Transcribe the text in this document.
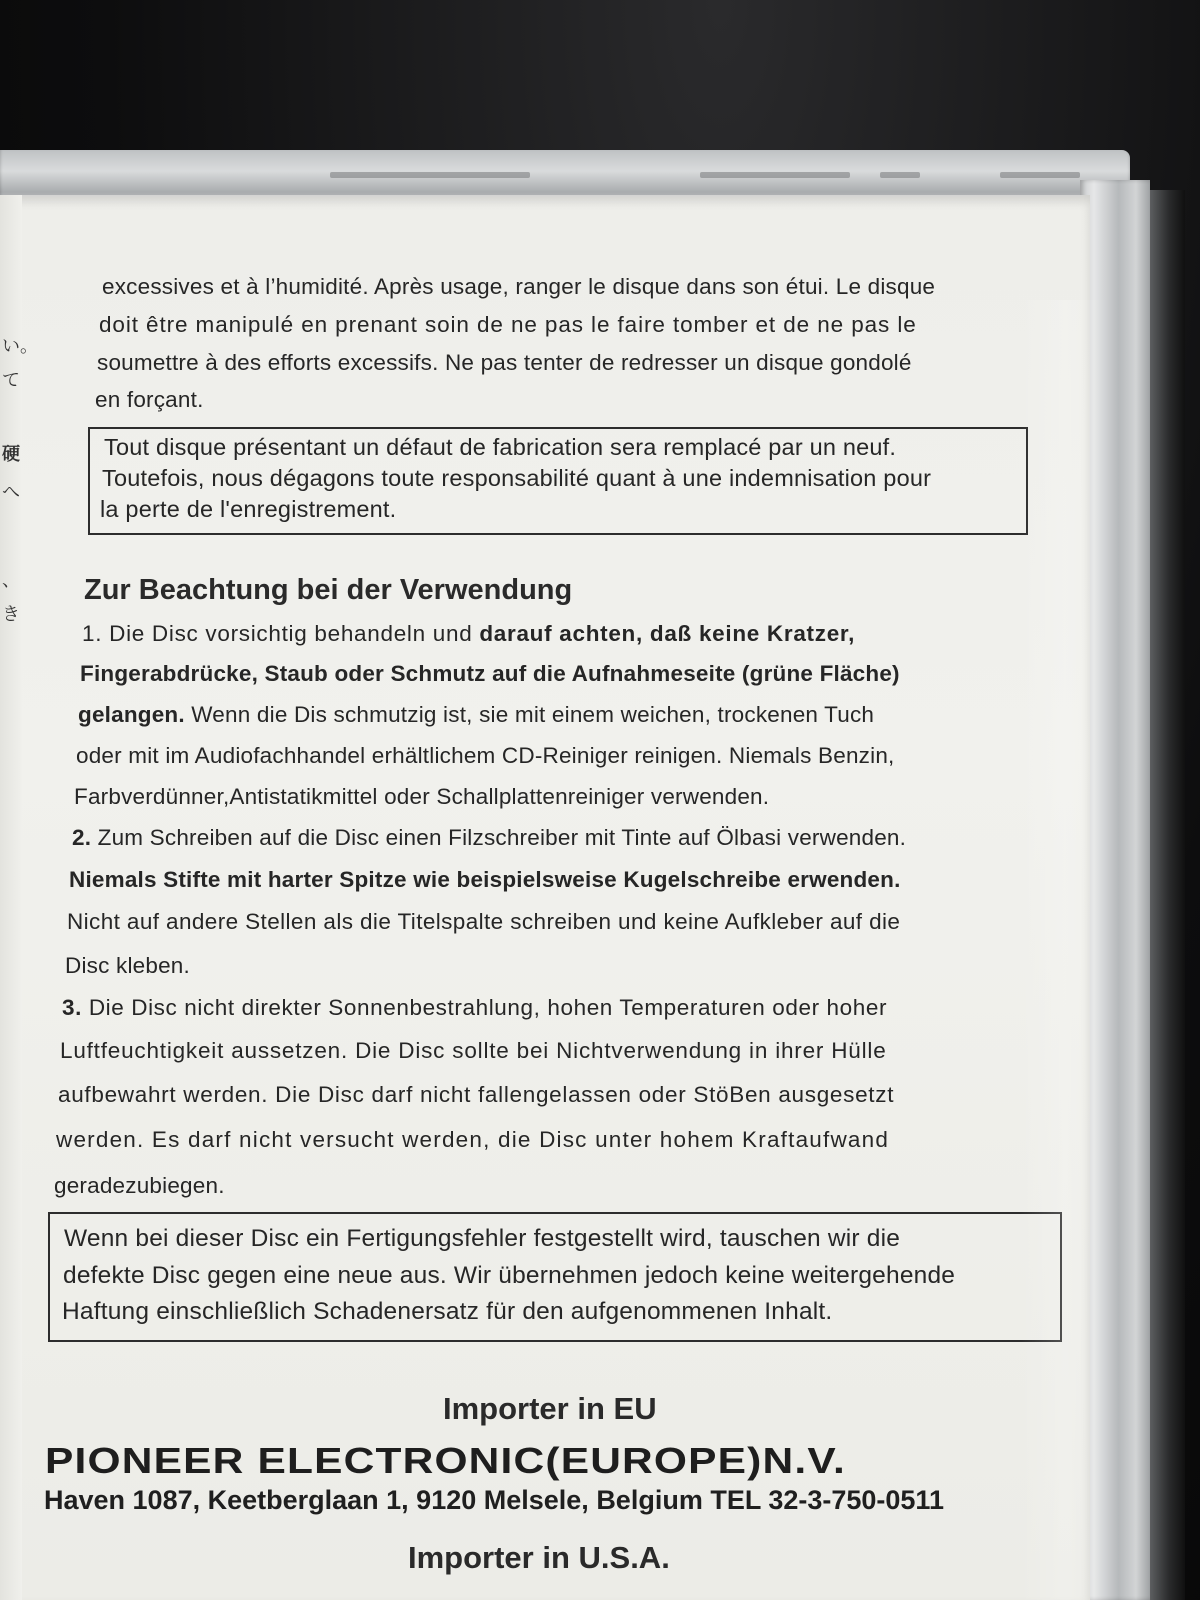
い。
て
硬
へ
、
き
excessives et à l’humidité. Après usage, ranger le disque dans son étui. Le disque
doit être manipulé en prenant soin de ne pas le faire tomber et de ne pas le
soumettre à des efforts excessifs. Ne pas tenter de redresser un disque gondolé
en forçant.
Tout disque présentant un défaut de fabrication sera remplacé par un neuf.
Toutefois, nous dégagons toute responsabilité quant à une indemnisation pour
la perte de l'enregistrement.
Zur Beachtung bei der Verwendung
1. Die Disc vorsichtig behandeln und darauf achten, daß keine Kratzer,
Fingerabdrücke, Staub oder Schmutz auf die Aufnahmeseite (grüne Fläche)
gelangen. Wenn die Dis schmutzig ist, sie mit einem weichen, trockenen Tuch
oder mit im Audiofachhandel erhältlichem CD-Reiniger reinigen. Niemals Benzin,
Farbverdünner,Antistatikmittel oder Schallplattenreiniger verwenden.
2. Zum Schreiben auf die Disc einen Filzschreiber mit Tinte auf Ölbasi verwenden.
Niemals Stifte mit harter Spitze wie beispielsweise Kugelschreibe erwenden.
Nicht auf andere Stellen als die Titelspalte schreiben und keine Aufkleber auf die
Disc kleben.
3. Die Disc nicht direkter Sonnenbestrahlung, hohen Temperaturen oder hoher
Luftfeuchtigkeit aussetzen. Die Disc sollte bei Nichtverwendung in ihrer Hülle
aufbewahrt werden. Die Disc darf nicht fallengelassen oder StöBen ausgesetzt
werden. Es darf nicht versucht werden, die Disc unter hohem Kraftaufwand
geradezubiegen.
Wenn bei dieser Disc ein Fertigungsfehler festgestellt wird, tauschen wir die
defekte Disc gegen eine neue aus. Wir übernehmen jedoch keine weitergehende
Haftung einschließlich Schadenersatz für den aufgenommenen Inhalt.
Importer in EU
PIONEER ELECTRONIC(EUROPE)N.V.
Haven 1087, Keetberglaan 1, 9120 Melsele, Belgium TEL 32-3-750-0511
Importer in U.S.A.
